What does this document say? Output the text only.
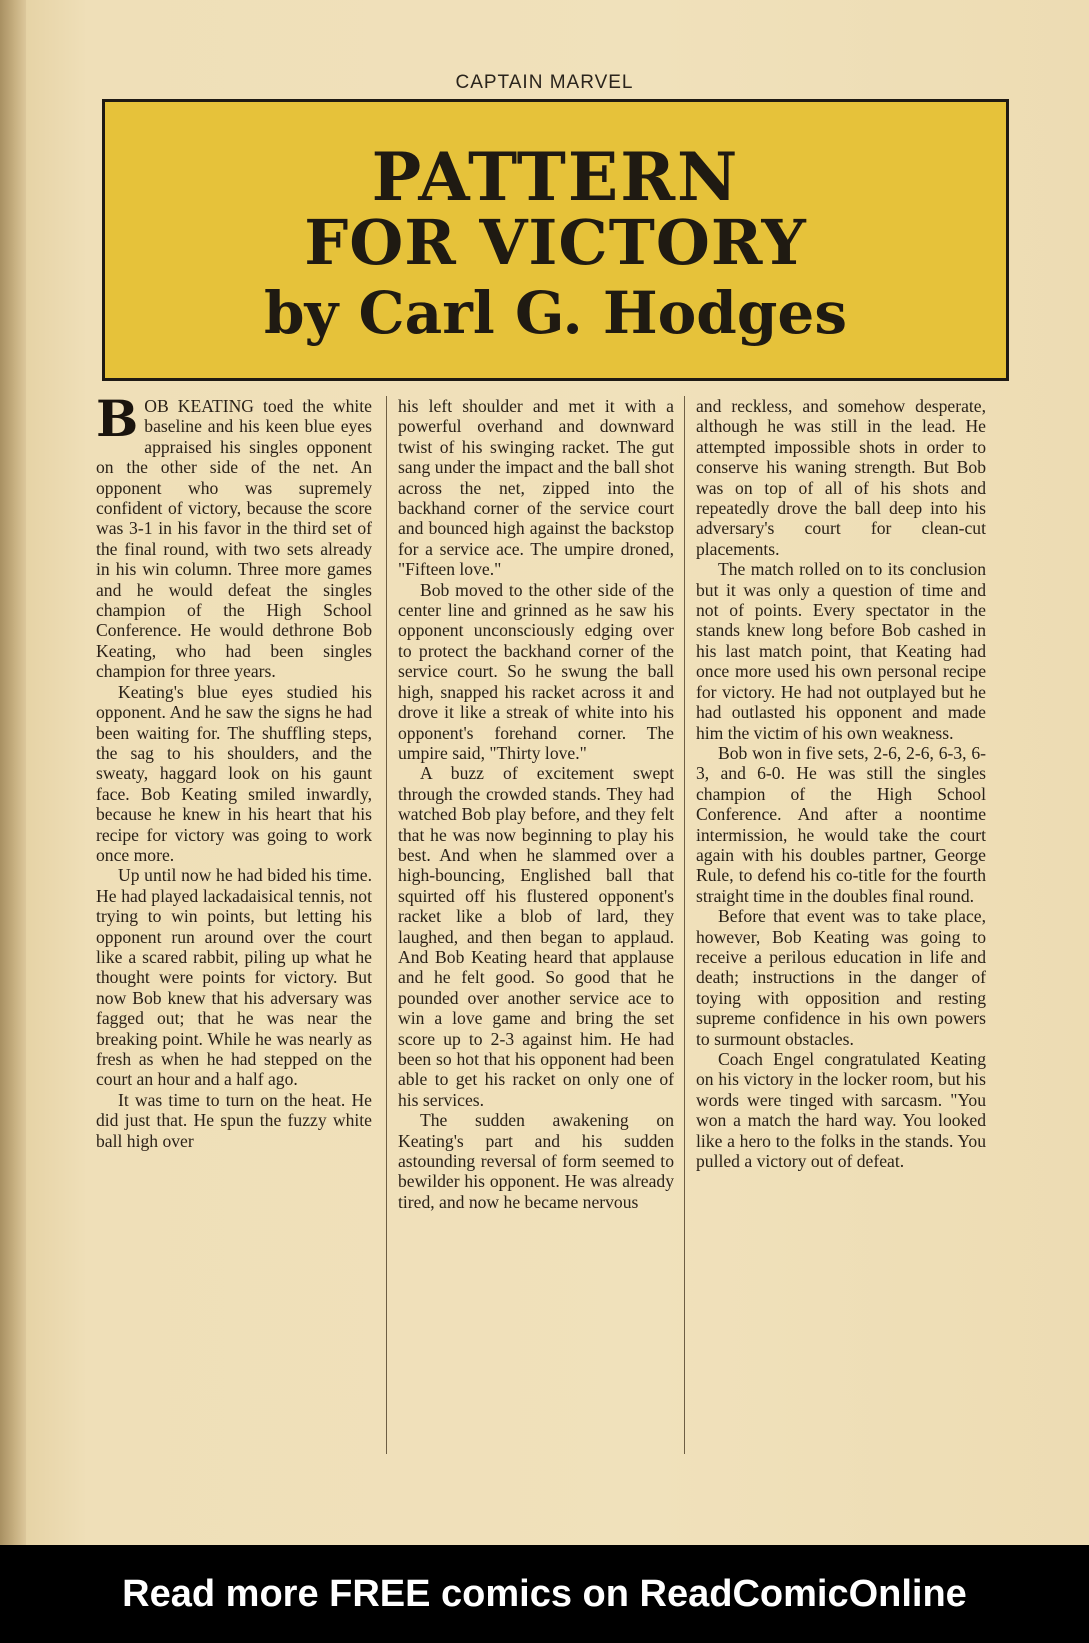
CAPTAIN MARVEL
PATTERN
FOR VICTORY
by Carl G. Hodges

BOB KEATING toed the white baseline and his keen blue eyes appraised his singles opponent on the other side of the net. An opponent who was supremely confident of victory, because the score was 3-1 in his favor in the third set of the final round, with two sets already in his win column. Three more games and he would defeat the singles champion of the High School Conference. He would dethrone Bob Keating, who had been singles champion for three years.

Keating's blue eyes studied his opponent. And he saw the signs he had been waiting for. The shuffling steps, the sag to his shoulders, and the sweaty, haggard look on his gaunt face. Bob Keating smiled inwardly, because he knew in his heart that his recipe for victory was going to work once more.

Up until now he had bided his time. He had played lackadaisical tennis, not trying to win points, but letting his opponent run around over the court like a scared rabbit, piling up what he thought were points for victory. But now Bob knew that his adversary was fagged out; that he was near the breaking point. While he was nearly as fresh as when he had stepped on the court an hour and a half ago.

It was time to turn on the heat. He did just that. He spun the fuzzy white ball high over

his left shoulder and met it with a powerful overhand and downward twist of his swinging racket. The gut sang under the impact and the ball shot across the net, zipped into the backhand corner of the service court and bounced high against the backstop for a service ace. The umpire droned, "Fifteen love."

Bob moved to the other side of the center line and grinned as he saw his opponent unconsciously edging over to protect the backhand corner of the service court. So he swung the ball high, snapped his racket across it and drove it like a streak of white into his opponent's forehand corner. The umpire said, "Thirty love."

A buzz of excitement swept through the crowded stands. They had watched Bob play before, and they felt that he was now beginning to play his best. And when he slammed over a high-bouncing, Englished ball that squirted off his flustered opponent's racket like a blob of lard, they laughed, and then began to applaud. And Bob Keating heard that applause and he felt good. So good that he pounded over another service ace to win a love game and bring the set score up to 2-3 against him. He had been so hot that his opponent had been able to get his racket on only one of his services.

The sudden awakening on Keating's part and his sudden astounding reversal of form seemed to bewilder his opponent. He was already tired, and now he became nervous

and reckless, and somehow desperate, although he was still in the lead. He attempted impossible shots in order to conserve his waning strength. But Bob was on top of all of his shots and repeatedly drove the ball deep into his adversary's court for clean-cut placements.

The match rolled on to its conclusion but it was only a question of time and not of points. Every spectator in the stands knew long before Bob cashed in his last match point, that Keating had once more used his own personal recipe for victory. He had not outplayed but he had outlasted his opponent and made him the victim of his own weakness.

Bob won in five sets, 2-6, 2-6, 6-3, 6-3, and 6-0. He was still the singles champion of the High School Conference. And after a noontime intermission, he would take the court again with his doubles partner, George Rule, to defend his co-title for the fourth straight time in the doubles final round.

Before that event was to take place, however, Bob Keating was going to receive a perilous education in life and death; instructions in the danger of toying with opposition and resting supreme confidence in his own powers to surmount obstacles.

Coach Engel congratulated Keating on his victory in the locker room, but his words were tinged with sarcasm. "You won a match the hard way. You looked like a hero to the folks in the stands. You pulled a victory out of defeat.

Read more FREE comics on ReadComicOnline
